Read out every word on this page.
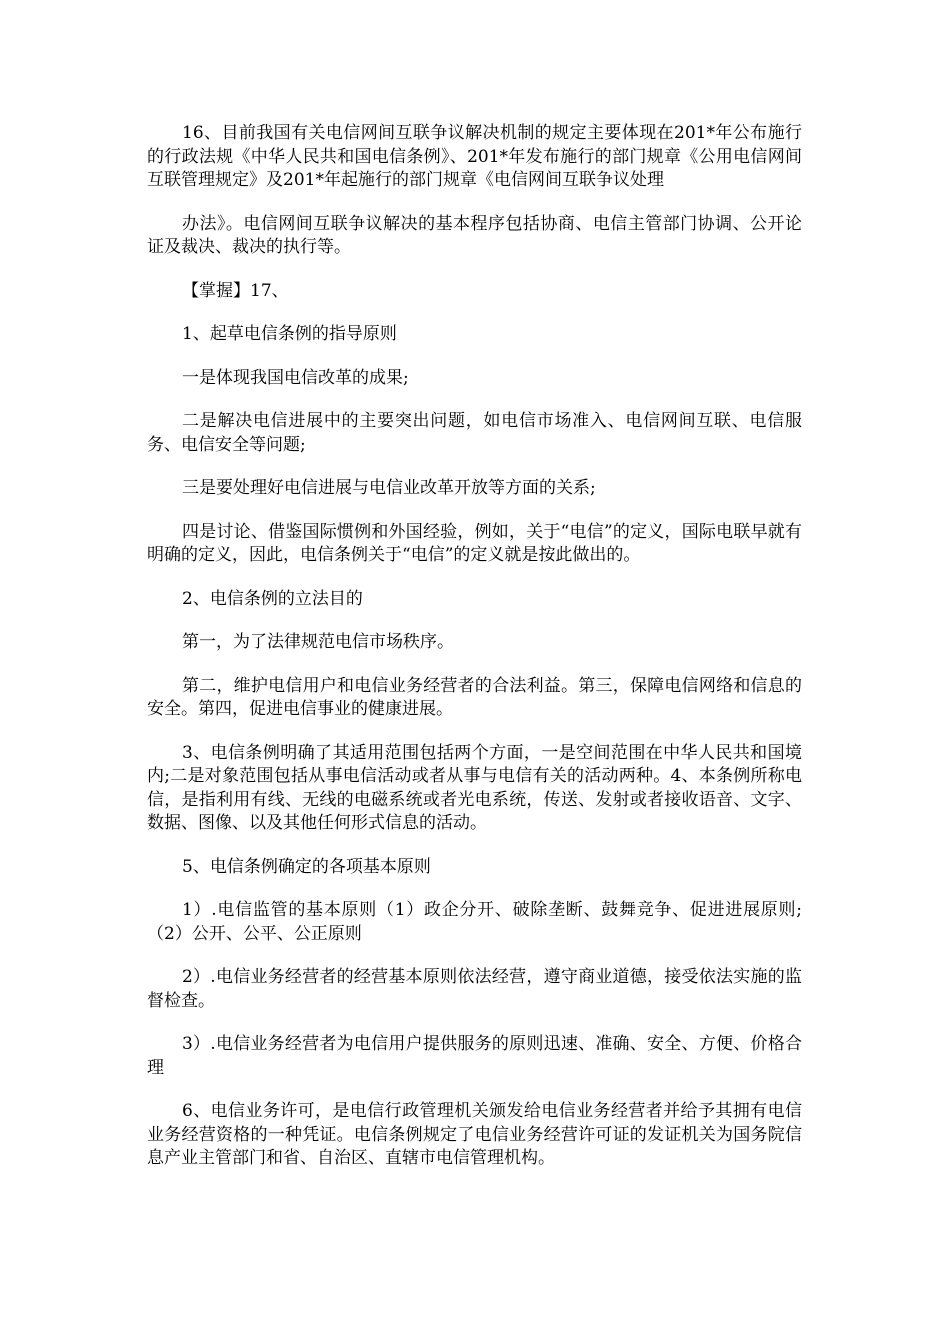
16、目前我国有关电信网间互联争议解决机制的规定主要体现在201*年公布施行的行政法规《中华人民共和国电信条例》、201*年发布施行的部门规章《公用电信网间互联管理规定》及201*年起施行的部门规章《电信网间互联争议处理

办法》。电信网间互联争议解决的基本程序包括协商、电信主管部门协调、公开论证及裁决、裁决的执行等。

【掌握】17、

1、起草电信条例的指导原则

一是体现我国电信改革的成果;

二是解决电信进展中的主要突出问题，如电信市场准入、电信网间互联、电信服务、电信安全等问题;

三是要处理好电信进展与电信业改革开放等方面的关系;

四是讨论、借鉴国际惯例和外国经验，例如，关于“电信”的定义，国际电联早就有明确的定义，因此，电信条例关于“电信”的定义就是按此做出的。

2、电信条例的立法目的

第一，为了法律规范电信市场秩序。

第二，维护电信用户和电信业务经营者的合法利益。第三，保障电信网络和信息的安全。第四，促进电信事业的健康进展。

3、电信条例明确了其适用范围包括两个方面，一是空间范围在中华人民共和国境内;二是对象范围包括从事电信活动或者从事与电信有关的活动两种。4、本条例所称电信，是指利用有线、无线的电磁系统或者光电系统，传送、发射或者接收语音、文字、数据、图像、以及其他任何形式信息的活动。

5、电信条例确定的各项基本原则

1）.电信监管的基本原则（1）政企分开、破除垄断、鼓舞竞争、促进进展原则;（2）公开、公平、公正原则

2）.电信业务经营者的经营基本原则依法经营，遵守商业道德，接受依法实施的监督检查。

3）.电信业务经营者为电信用户提供服务的原则迅速、准确、安全、方便、价格合理

6、电信业务许可，是电信行政管理机关颁发给电信业务经营者并给予其拥有电信业务经营资格的一种凭证。电信条例规定了电信业务经营许可证的发证机关为国务院信息产业主管部门和省、自治区、直辖市电信管理机构。
